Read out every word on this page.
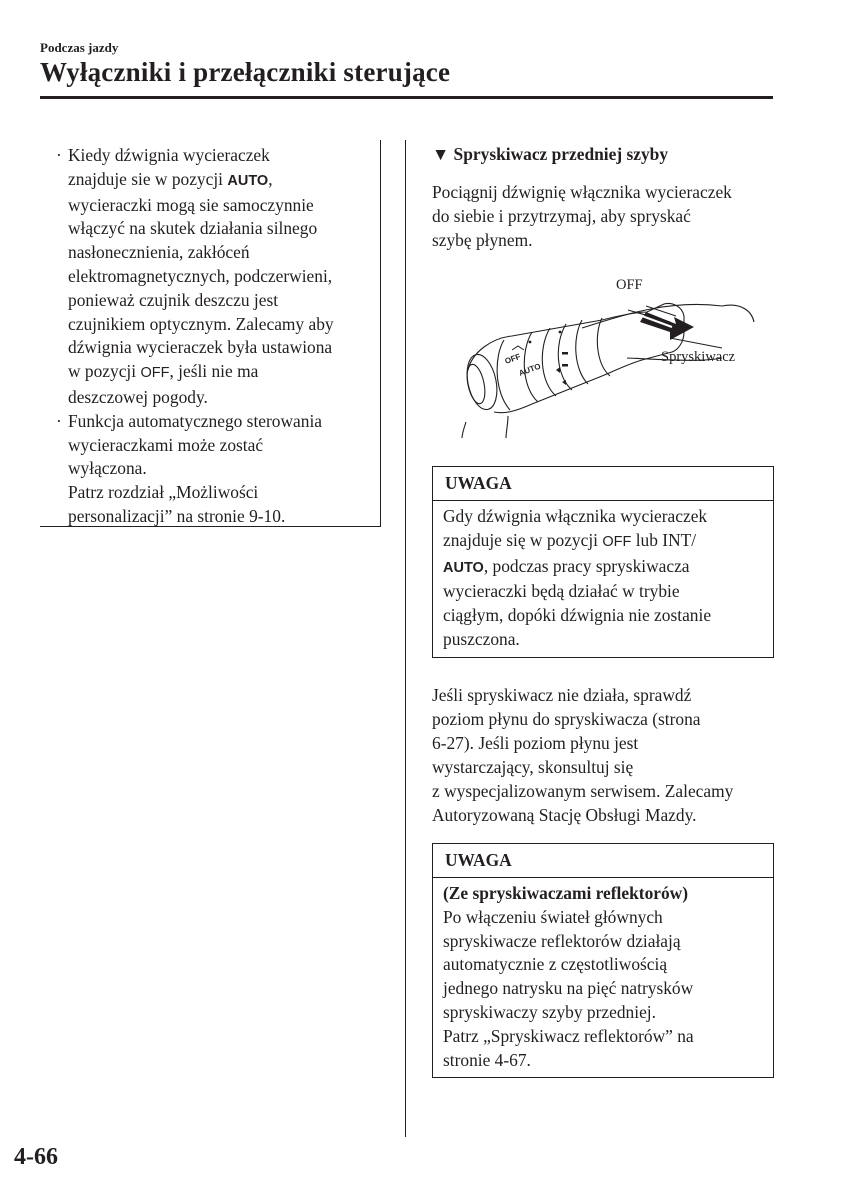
Podczas jazdy
Wyłączniki i przełączniki sterujące
· Kiedy dźwignia wycieraczek
znajduje sie w pozycji AUTO,
wycieraczki mogą sie samoczynnie
włączyć na skutek działania silnego
nasłonecznienia, zakłóceń
elektromagnetycznych, podczerwieni,
ponieważ czujnik deszczu jest
czujnikiem optycznym. Zalecamy aby
dźwignia wycieraczek była ustawiona
w pozycji OFF, jeśli nie ma
deszczowej pogody.
· Funkcja automatycznego sterowania
wycieraczkami może zostać
wyłączona.
Patrz rozdział „Możliwości
personalizacji” na stronie 9-10.
▼ Spryskiwacz przedniej szyby
Pociągnij dźwignię włącznika wycieraczek
do siebie i przytrzymaj, aby spryskać
szybę płynem.
OFF
AUTO
OFF
Spryskiwacz
UWAGA
Gdy dźwignia włącznika wycieraczek
znajduje się w pozycji OFF lub INT/
AUTO, podczas pracy spryskiwacza
wycieraczki będą działać w trybie
ciągłym, dopóki dźwignia nie zostanie
puszczona.
Jeśli spryskiwacz nie działa, sprawdź
poziom płynu do spryskiwacza (strona
6-27). Jeśli poziom płynu jest
wystarczający, skonsultuj się
z wyspecjalizowanym serwisem. Zalecamy
Autoryzowaną Stację Obsługi Mazdy.
UWAGA
(Ze spryskiwaczami reflektorów)
Po włączeniu świateł głównych
spryskiwacze reflektorów działają
automatycznie z częstotliwością
jednego natrysku na pięć natrysków
spryskiwaczy szyby przedniej.
Patrz „Spryskiwacz reflektorów” na
stronie 4-67.
4-66
